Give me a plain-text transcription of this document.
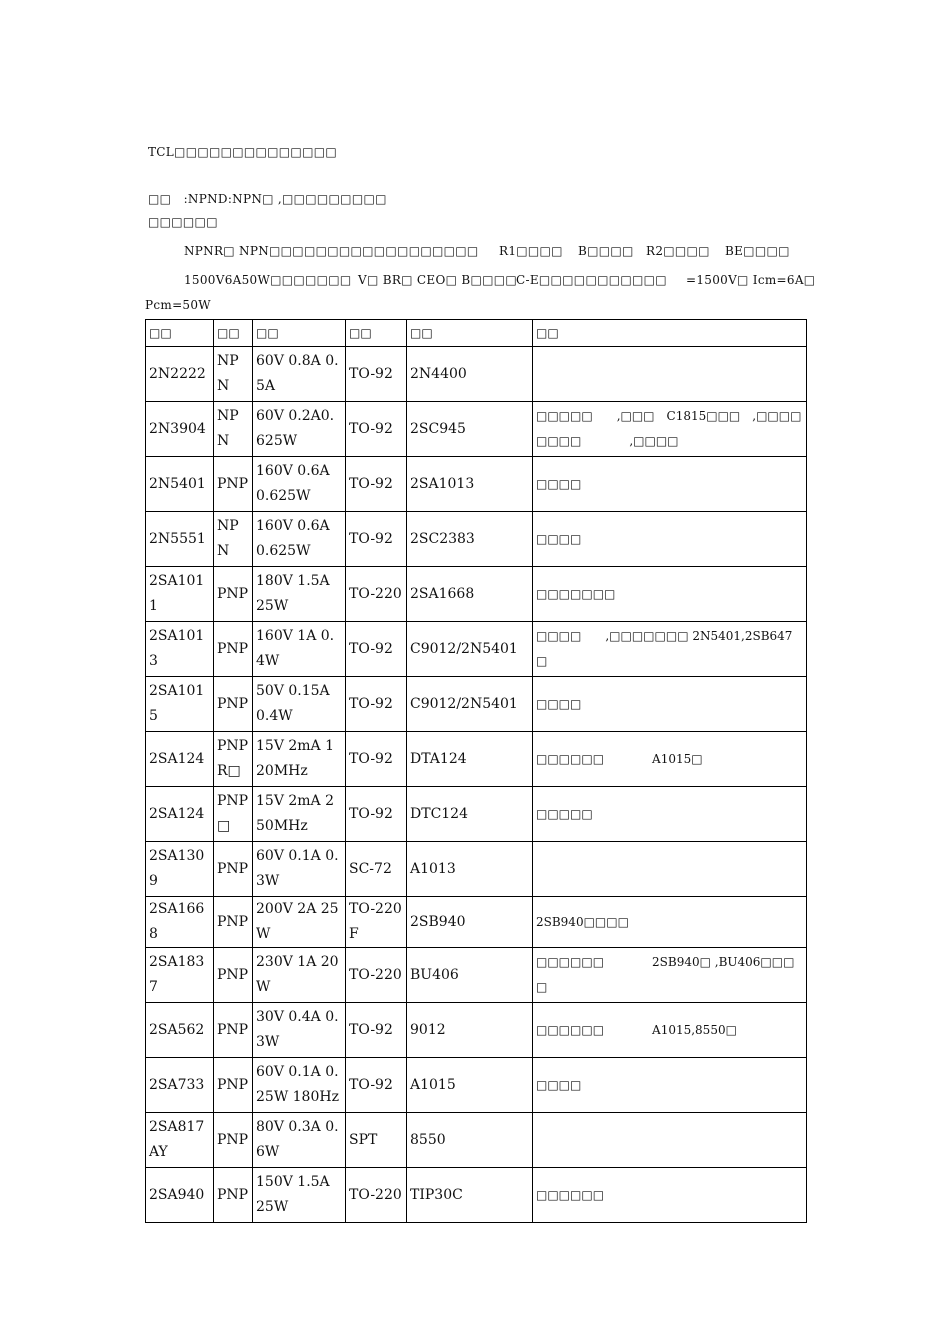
TCL□□□□□□□□□□□□□□
□□　:NPND:NPN□ ,□□□□□□□□□
□□□□□□
NPNR□ NPN□□□□□□□□□□□□□□□□□□ R1□□□□ B□□□□ R2□□□□ BE□□□□
1500V6A50W□□□□□□□ V□ BR□ CEO□ B□□□□
C-E□□□□□□□□□□□ =1500V□ Icm=6A□
Pcm=50W
□□	□□	□□	□□	□□	□□
2N2222	NPN	60V 0.8A 0.5A	TO-92	2N4400	
2N3904	NPN	60V 0.2A0.625W	TO-92	2SC945	□□□□□　　,□□□　C1815□□□　,□□□□□□□□　　　　,□□□□
2N5401	PNP	160V 0.6A 0.625W	TO-92	2SA1013	□□□□
2N5551	NPN	160V 0.6A 0.625W	TO-92	2SC2383	□□□□
2SA1011	PNP	180V 1.5A 25W	TO-220	2SA1668	□□□□□□□
2SA1013	PNP	160V 1A 0.4W	TO-92	C9012/2N5401	□□□□　　,□□□□□□□ 2N5401,2SB647□
2SA1015	PNP	50V 0.15A 0.4W	TO-92	C9012/2N5401	□□□□
2SA124	PNPR□	15V 2mA 120MHz	TO-92	DTA124	□□□□□□　　　　A1015□
2SA124	PNP□	15V 2mA 250MHz	TO-92	DTC124	□□□□□
2SA1309	PNP	60V 0.1A 0.3W	SC-72	A1013	
2SA1668	PNP	200V 2A 25W	TO-220F	2SB940	2SB940□□□□
2SA1837	PNP	230V 1A 20W	TO-220	BU406	□□□□□□　　　　2SB940□ ,BU406□□□□
2SA562	PNP	30V 0.4A 0.3W	TO-92	9012	□□□□□□　　　　A1015,8550□
2SA733	PNP	60V 0.1A 0.25W 180Hz	TO-92	A1015	□□□□
2SA817AY	PNP	80V 0.3A 0.6W	SPT	8550	
2SA940	PNP	150V 1.5A 25W	TO-220	TIP30C	□□□□□□
